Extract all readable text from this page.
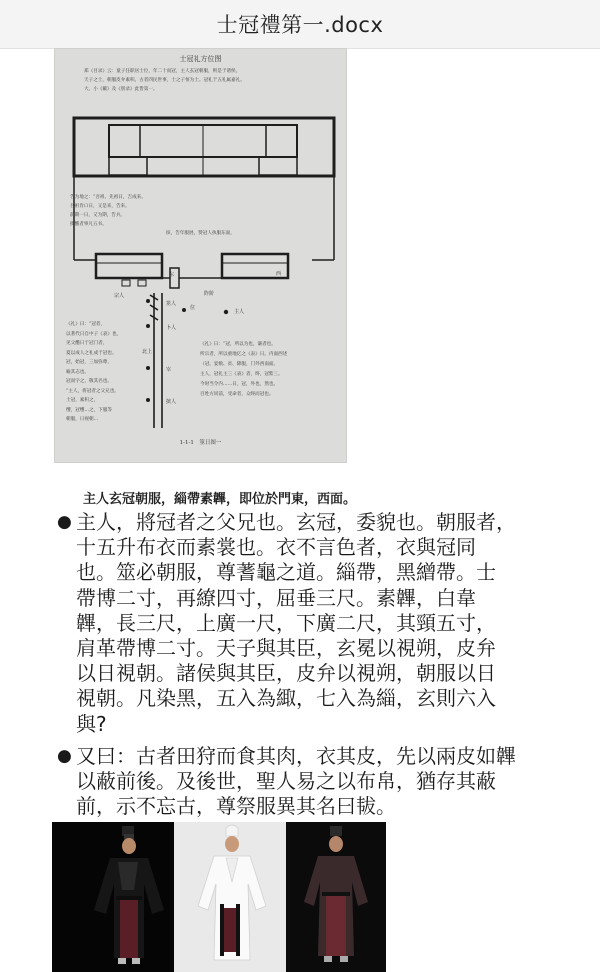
士冠禮第一.docx
士冠礼方位图
郑《目录》云：童子任职居士位，年二十而冠，主人玄冠朝服，则是于诸侯。
天子之士，朝服皮弁素积。古者四民世事，士之子恒为士。冠礼于五礼属嘉礼。
大、小《戴》及《别录》此皆第一。
告为地之：“吾祖、先祖日，吉成来。
吾祖肯口日，又是来，告来。
前期一日，又为期，告兵。
摄醮者事凡五书。
摈，告年服展，赞冠人执服东面，
东
宗人
主人
筮人
卜人
宰
摈人
阼阶
位
北上
西
《礼》曰：“冠者，
以著代日自中子《表》也，
见父醮日于冠门者，
夏以成人之礼成于冠也。
冠，始冠，三加弥尊，
喻其志也。
冠而字之，敬其名也。
“主人，将冠者之父兄也。
士冠，素积之，
缨，冠缨…之，下服等
朝服，日视朝…
《礼》曰：“冠，所以为也，谦者也。
所宗者，所以重地亿之《表》日。内面西述
（冠、宴飨、贫、降服，门外西南面。
主人，冠礼主三《表》者，终，冠紫三。
今时当令内……日，冠，外也，然也。
百姓方同前，受命者，众终而冠也。
1-1-1　筮日图一
主人玄冠朝服，緇帶素韠，即位於門東，西面。
● 主人，將冠者之父兄也。玄冠，委貌也。朝服者，
十五升布衣而素裳也。衣不言色者，衣與冠同
也。筮必朝服，尊蓍龜之道。緇帶，黑繒帶。士
帶博二寸，再繚四寸，屈垂三尺。素韠，白韋
韠，長三尺，上廣一尺，下廣二尺，其頸五寸，
肩革帶博二寸。天子與其臣，玄冕以視朔，皮弁
以日視朝。諸侯與其臣，皮弁以視朔，朝服以日
視朝。凡染黑，五入為緅，七入為緇，玄則六入
與?
● 又曰：古者田狩而食其肉，衣其皮，先以兩皮如韠
以蔽前後。及後世，聖人易之以布帛，猶存其蔽
前，示不忘古，尊祭服異其名曰韨。
